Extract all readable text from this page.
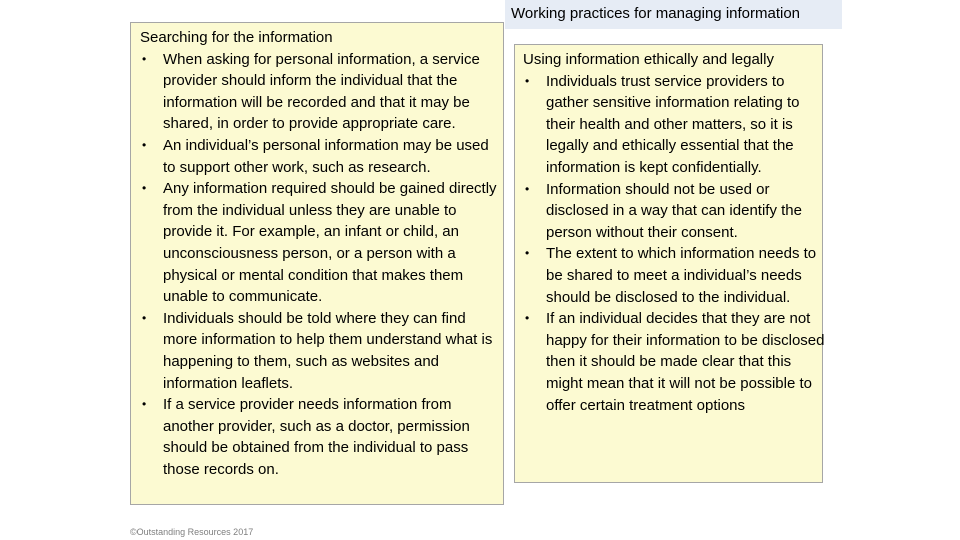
Working practices for managing information

Searching for the information

• When asking for personal information, a service provider should inform the individual that the information will be recorded and that it may be shared, in order to provide appropriate care.
• An individual’s personal information may be used to support other work, such as research.
• Any information required should be gained directly from the individual unless they are unable to provide it. For example, an infant or child, an unconsciousness person, or a person with a physical or mental condition that makes them unable to communicate.
• Individuals should be told where they can find more information to help them understand what is happening to them, such as websites and information leaflets.
• If a service provider needs information from another provider, such as a doctor, permission should be obtained from the individual to pass those records on.

Using information ethically and legally

• Individuals trust service providers to gather sensitive information relating to their health and other matters, so it is legally and ethically essential that the information is kept confidentially.
• Information should not be used or disclosed in a way that can identify the person without their consent.
• The extent to which information needs to be shared to meet a individual’s needs should be disclosed to the individual.
• If an individual decides that they are not happy for their information to be disclosed then it should be made clear that this might mean that it will not be possible to offer certain treatment options
©Outstanding Resources 2017
